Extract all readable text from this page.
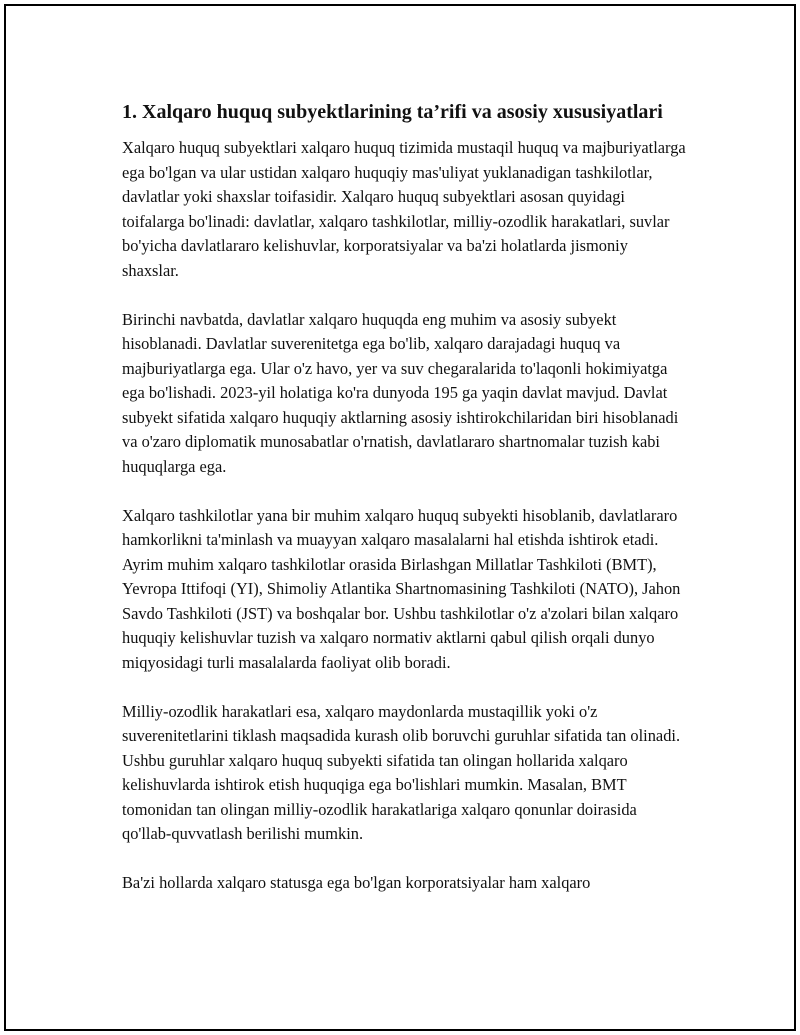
1. Xalqaro huquq subyektlarining ta’rifi va asosiy xususiyatlari

Xalqaro huquq subyektlari xalqaro huquq tizimida mustaqil huquq va majburiyatlarga ega bo'lgan va ular ustidan xalqaro huquqiy mas'uliyat yuklanadigan tashkilotlar, davlatlar yoki shaxslar toifasidir. Xalqaro huquq subyektlari asosan quyidagi toifalarga bo'linadi: davlatlar, xalqaro tashkilotlar, milliy-ozodlik harakatlari, suvlar bo'yicha davlatlararo kelishuvlar, korporatsiyalar va ba'zi holatlarda jismoniy shaxslar.

Birinchi navbatda, davlatlar xalqaro huquqda eng muhim va asosiy subyekt hisoblanadi. Davlatlar suverenitetga ega bo'lib, xalqaro darajadagi huquq va majburiyatlarga ega. Ular o'z havo, yer va suv chegaralarida to'laqonli hokimiyatga ega bo'lishadi. 2023-yil holatiga ko'ra dunyoda 195 ga yaqin davlat mavjud. Davlat subyekt sifatida xalqaro huquqiy aktlarning asosiy ishtirokchilaridan biri hisoblanadi va o'zaro diplomatik munosabatlar o'rnatish, davlatlararo shartnomalar tuzish kabi huquqlarga ega.

Xalqaro tashkilotlar yana bir muhim xalqaro huquq subyekti hisoblanib, davlatlararo hamkorlikni ta'minlash va muayyan xalqaro masalalarni hal etishda ishtirok etadi. Ayrim muhim xalqaro tashkilotlar orasida Birlashgan Millatlar Tashkiloti (BMT), Yevropa Ittifoqi (YI), Shimoliy Atlantika Shartnomasining Tashkiloti (NATO), Jahon Savdo Tashkiloti (JST) va boshqalar bor. Ushbu tashkilotlar o'z a'zolari bilan xalqaro huquqiy kelishuvlar tuzish va xalqaro normativ aktlarni qabul qilish orqali dunyo miqyosidagi turli masalalarda faoliyat olib boradi.

Milliy-ozodlik harakatlari esa, xalqaro maydonlarda mustaqillik yoki o'z suverenitetlarini tiklash maqsadida kurash olib boruvchi guruhlar sifatida tan olinadi. Ushbu guruhlar xalqaro huquq subyekti sifatida tan olingan hollarida xalqaro kelishuvlarda ishtirok etish huquqiga ega bo'lishlari mumkin. Masalan, BMT tomonidan tan olingan milliy-ozodlik harakatlariga xalqaro qonunlar doirasida qo'llab-quvvatlash berilishi mumkin.

Ba'zi hollarda xalqaro statusga ega bo'lgan korporatsiyalar ham xalqaro
